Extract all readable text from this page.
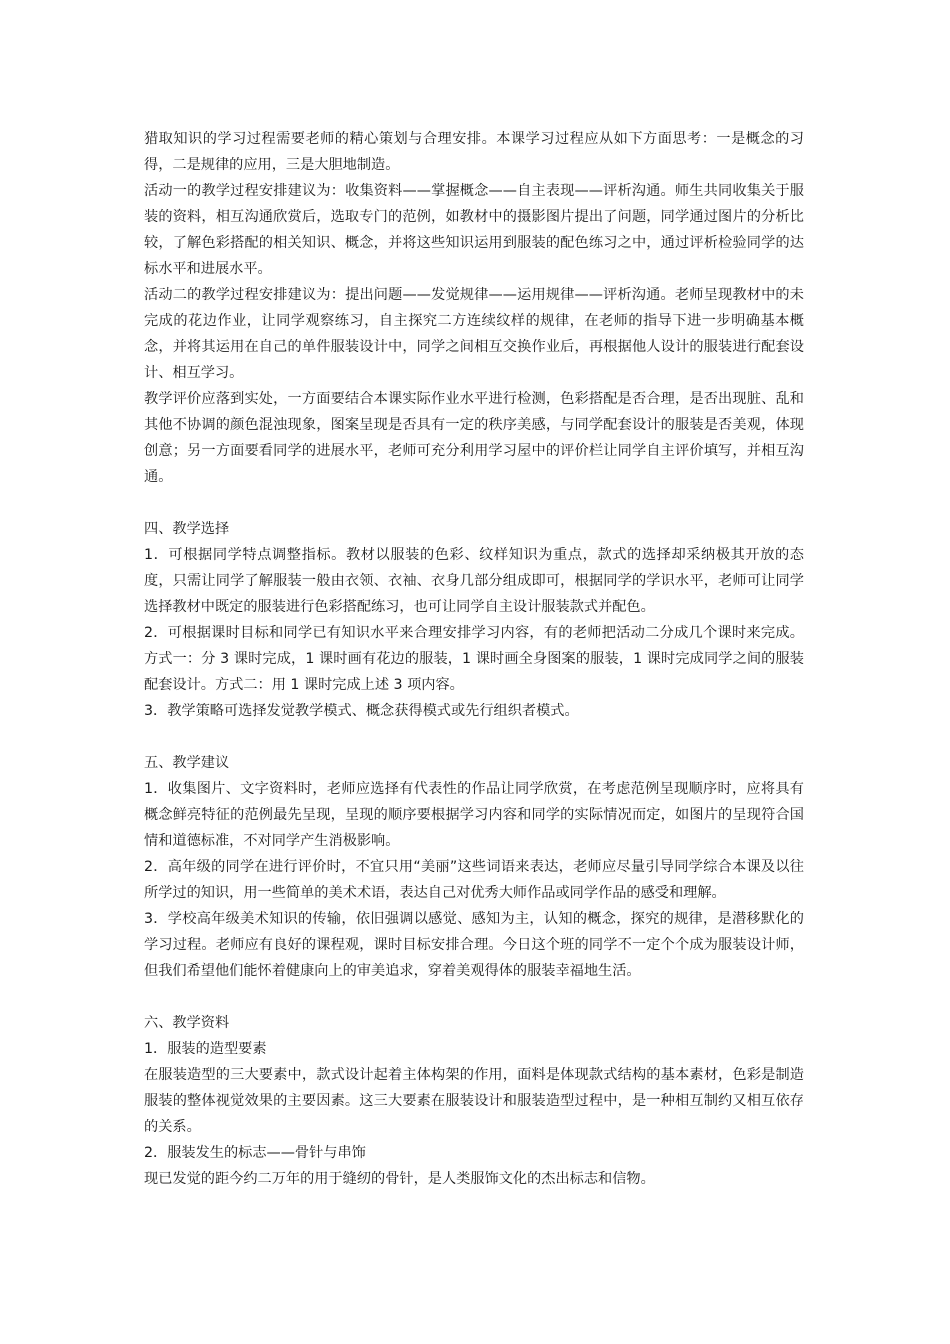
猎取知识的学习过程需要老师的精心策划与合理安排。本课学习过程应从如下方面思考：一是概念的习得，二是规律的应用，三是大胆地制造。

活动一的教学过程安排建议为：收集资料——掌握概念——自主表现——评析沟通。师生共同收集关于服装的资料，相互沟通欣赏后，选取专门的范例，如教材中的摄影图片提出了问题，同学通过图片的分析比较，了解色彩搭配的相关知识、概念，并将这些知识运用到服装的配色练习之中，通过评析检验同学的达标水平和进展水平。

活动二的教学过程安排建议为：提出问题——发觉规律——运用规律——评析沟通。老师呈现教材中的未完成的花边作业，让同学观察练习，自主探究二方连续纹样的规律，在老师的指导下进一步明确基本概念，并将其运用在自己的单件服装设计中，同学之间相互交换作业后，再根据他人设计的服装进行配套设计、相互学习。

教学评价应落到实处，一方面要结合本课实际作业水平进行检测，色彩搭配是否合理，是否出现脏、乱和其他不协调的颜色混浊现象，图案呈现是否具有一定的秩序美感，与同学配套设计的服装是否美观，体现创意；另一方面要看同学的进展水平，老师可充分利用学习屋中的评价栏让同学自主评价填写，并相互沟通。

四、教学选择

1．可根据同学特点调整指标。教材以服装的色彩、纹样知识为重点，款式的选择却采纳极其开放的态度，只需让同学了解服装一般由衣领、衣袖、衣身几部分组成即可，根据同学的学识水平，老师可让同学选择教材中既定的服装进行色彩搭配练习，也可让同学自主设计服装款式并配色。

2．可根据课时目标和同学已有知识水平来合理安排学习内容，有的老师把活动二分成几个课时来完成。方式一：分 3 课时完成，1 课时画有花边的服装，1 课时画全身图案的服装，1 课时完成同学之间的服装配套设计。方式二：用 1 课时完成上述 3 项内容。

3．教学策略可选择发觉教学模式、概念获得模式或先行组织者模式。

五、教学建议

1．收集图片、文字资料时，老师应选择有代表性的作品让同学欣赏，在考虑范例呈现顺序时，应将具有概念鲜亮特征的范例最先呈现，呈现的顺序要根据学习内容和同学的实际情况而定，如图片的呈现符合国情和道德标准，不对同学产生消极影响。

2．高年级的同学在进行评价时，不宜只用“美丽”这些词语来表达，老师应尽量引导同学综合本课及以往所学过的知识，用一些简单的美术术语，表达自己对优秀大师作品或同学作品的感受和理解。

3．学校高年级美术知识的传输，依旧强调以感觉、感知为主，认知的概念，探究的规律，是潜移默化的学习过程。老师应有良好的课程观，课时目标安排合理。今日这个班的同学不一定个个成为服装设计师，但我们希望他们能怀着健康向上的审美追求，穿着美观得体的服装幸福地生活。

六、教学资料

1．服装的造型要素

在服装造型的三大要素中，款式设计起着主体构架的作用，面料是体现款式结构的基本素材，色彩是制造服装的整体视觉效果的主要因素。这三大要素在服装设计和服装造型过程中，是一种相互制约又相互依存的关系。

2．服装发生的标志——骨针与串饰

现已发觉的距今约二万年的用于缝纫的骨针，是人类服饰文化的杰出标志和信物。
